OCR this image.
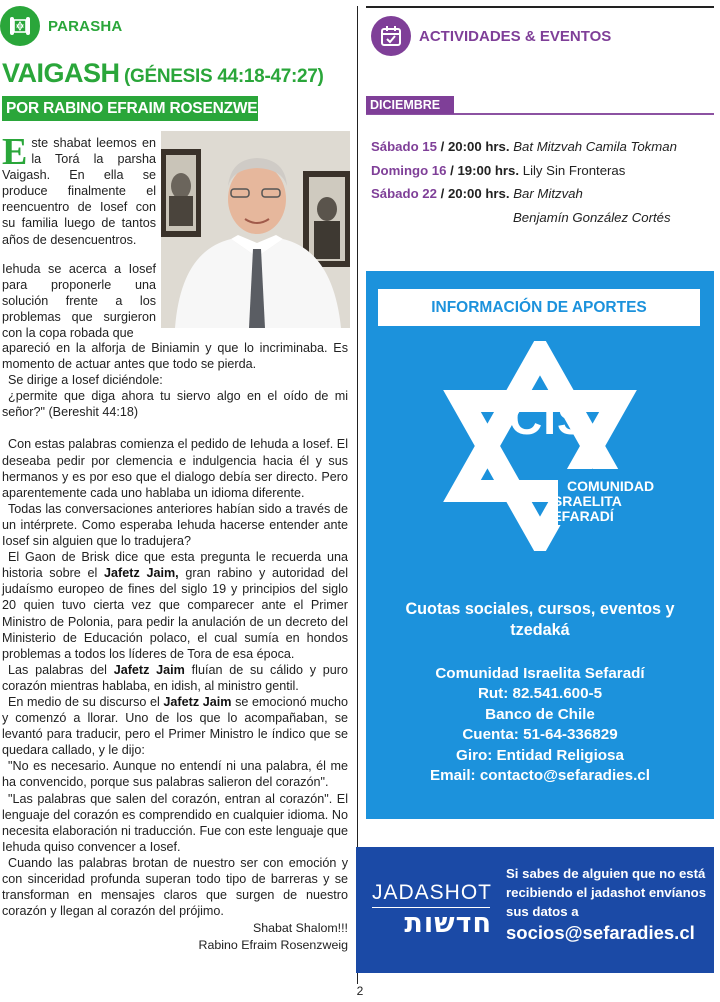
PARASHA
VAIGASH (GÉNESIS 44:18-47:27)
POR RABINO EFRAIM ROSENZWEIG

Este shabat leemos en la Torá la parsha Vaigash. En ella se produce finalmente el reencuentro de Iosef con su familia luego de tantos años de desencuentros.

Iehuda se acerca a Iosef para proponerle una solución frente a los problemas que surgieron con la copa robada que

apareció en la alforja de Biniamin y que lo incriminaba. Es momento de actuar antes que todo se pierda.

Se dirige a Iosef diciéndole:

¿permite que diga ahora tu siervo algo en el oído de mi señor?" (Bereshit 44:18)

Con estas palabras comienza el pedido de Iehuda a Iosef. El deseaba pedir por clemencia e indulgencia hacia él y sus hermanos y es por eso que el dialogo debía ser directo. Pero aparentemente cada uno hablaba un idioma diferente.

Todas las conversaciones anteriores habían sido a través de un intérprete. Como esperaba Iehuda hacerse entender ante Iosef sin alguien que lo tradujera?

El Gaon de Brisk dice que esta pregunta le recuerda una historia sobre el Jafetz Jaim, gran rabino y autoridad del judaísmo europeo de fines del siglo 19 y principios del siglo 20 quien tuvo cierta vez que comparecer ante el Primer Ministro de Polonia, para pedir la anulación de un decreto del Ministerio de Educación polaco, el cual sumía en hondos problemas a todos los líderes de Tora de esa época.

Las palabras del Jafetz Jaim fluían de su cálido y puro corazón mientras hablaba, en idish, al ministro gentil.

En medio de su discurso el Jafetz Jaim se emocionó mucho y comenzó a llorar. Uno de los que lo acompañaban, se levantó para traducir, pero el Primer Ministro le índico que se quedara callado, y le dijo:

"No es necesario. Aunque no entendí ni una palabra, él me ha convencido, porque sus palabras salieron del corazón".

"Las palabras que salen del corazón, entran al corazón". El lenguaje del corazón es comprendido en cualquier idioma. No necesita elaboración ni traducción. Fue con este lenguaje que Iehuda quiso convencer a Iosef.

Cuando las palabras brotan de nuestro ser con emoción y con sinceridad profunda superan todo tipo de barreras y se transforman en mensajes claros que surgen de nuestro corazón y llegan al corazón del prójimo.

Shabat Shalom!!!
Rabino Efraim Rosenzweig
ACTIVIDADES & EVENTOS
DICIEMBRE
Sábado 15 / 20:00 hrs. Bat Mitzvah Camila Tokman
Domingo 16 / 19:00 hrs. Lily Sin Fronteras
Sábado 22 / 20:00 hrs. Bar Mitzvah
Benjamín González Cortés
INFORMACIÓN DE APORTES
CIS
COMUNIDAD
ISRAELITA
SEFARADÍ
Cuotas sociales, cursos, eventos y tzedaká
Comunidad Israelita Sefaradí
Rut: 82.541.600-5
Banco de Chile
Cuenta: 51-64-336829
Giro: Entidad Religiosa
Email: contacto@sefaradies.cl
JADASHOT
חדשות
Si sabes de alguien que no está recibiendo el jadashot envíanos sus datos a
socios@sefaradies.cl
2
